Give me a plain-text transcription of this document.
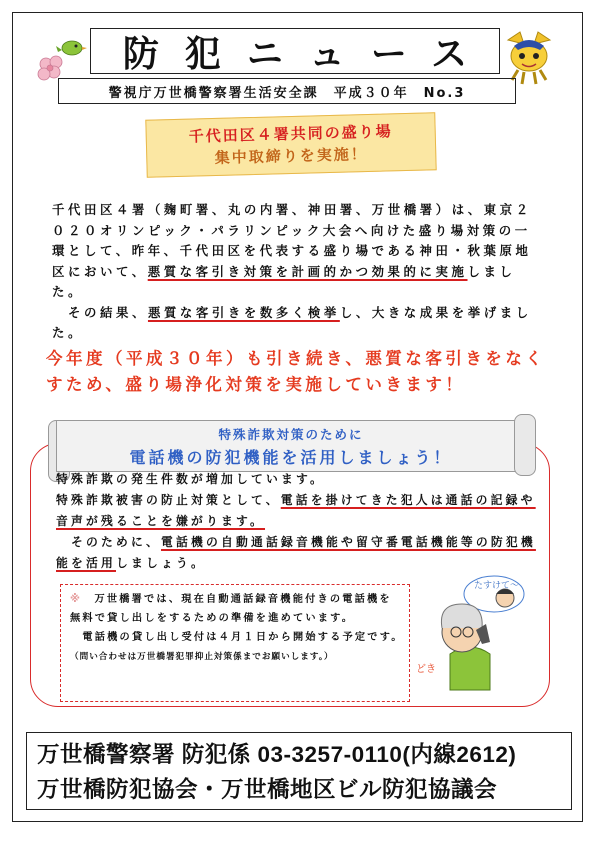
防犯ニュース
警視庁万世橋警察署生活安全課　平成３０年　No.3
千代田区４署共同の盛り場
集中取締りを実施！
千代田区４署（麹町署、丸の内署、神田署、万世橋署）は、東京２０２０オリンピック・パラリンピック大会へ向けた盛り場対策の一環として、昨年、千代田区を代表する盛り場である神田・秋葉原地区において、悪質な客引き対策を計画的かつ効果的に実施しました。
　その結果、悪質な客引きを数多く検挙し、大きな成果を挙げました。
今年度（平成３０年）も引き続き、悪質な客引きをなくすため、盛り場浄化対策を実施していきます！
特殊詐欺対策のために
電話機の防犯機能を活用しましょう！
特殊詐欺の発生件数が増加しています。
特殊詐欺被害の防止対策として、電話を掛けてきた犯人は通話の記録や音声が残ることを嫌がります。
　そのために、電話機の自動通話録音機能や留守番電話機能等の防犯機能を活用しましょう。
※　 万世橋署では、現在自動通話録音機能付きの電話機を無料で貸し出しをするための準備を進めています。
　電話機の貸し出し受付は４月１日から開始する予定です。
（問い合わせは万世橋署犯罪抑止対策係までお願いします。）
たすけて～
どき
万世橋警察署 防犯係 03-3257-0110(内線2612)
万世橋防犯協会・万世橋地区ビル防犯協議会
